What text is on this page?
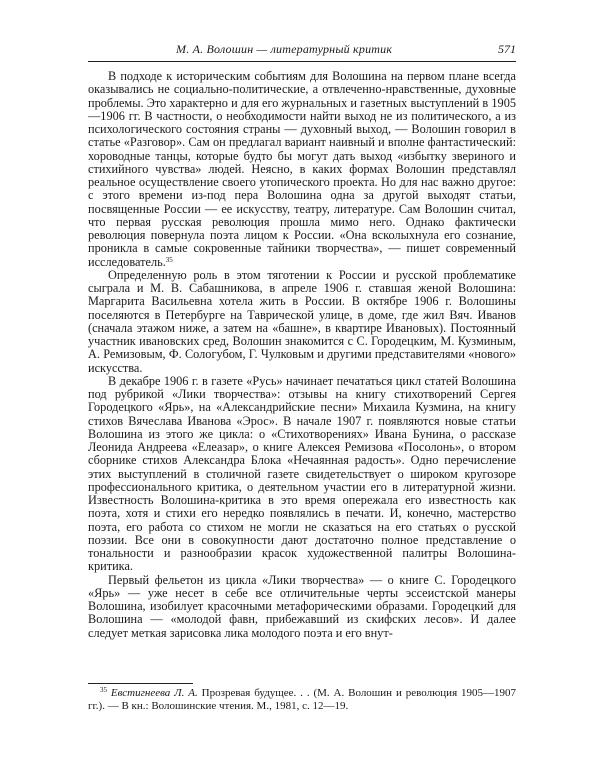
М. А. Волошин — литературный критик	571

В подходе к историческим событиям для Волошина на первом плане всегда оказывались не социально-политические, а отвлеченно-нравственные, духовные проблемы. Это характерно и для его журнальных и газетных выступлений в 1905—1906 гг. В частности, о необходимости найти выход не из политического, а из психологического состояния страны — духовный выход, — Волошин говорил в статье «Разговор». Сам он предлагал вариант наивный и вполне фантастический: хороводные танцы, которые будто бы могут дать выход «избытку звериного и стихийного чувства» людей. Неясно, в каких формах Волошин представлял реальное осуществление своего утопического проекта. Но для нас важно другое: с этого времени из-под пера Волошина одна за другой выходят статьи, посвященные России — ее искусству, театру, литературе. Сам Волошин считал, что первая русская революция прошла мимо него. Однако фактически революция повернула поэта лицом к России. «Она всколыхнула его сознание, проникла в самые сокровенные тайники творчества», — пишет современный исследователь.$^{35}$

Определенную роль в этом тяготении к России и русской проблематике сыграла и М. В. Сабашникова, в апреле 1906 г. ставшая женой Волошина: Маргарита Васильевна хотела жить в России. В октябре 1906 г. Волошины поселяются в Петербурге на Таврической улице, в доме, где жил Вяч. Иванов (сначала этажом ниже, а затем на «башне», в квартире Ивановых). Постоянный участник ивановских сред, Волошин знакомится с С. Городецким, М. Кузминым, А. Ремизовым, Ф. Сологубом, Г. Чулковым и другими представителями «нового» искусства.

В декабре 1906 г. в газете «Русь» начинает печататься цикл статей Волошина под рубрикой «Лики творчества»: отзывы на книгу стихотворений Сергея Городецкого «Ярь», на «Александрийские песни» Михаила Кузмина, на книгу стихов Вячеслава Иванова «Эрос». В начале 1907 г. появляются новые статьи Волошина из этого же цикла: о «Стихотворениях» Ивана Бунина, о рассказе Леонида Андреева «Елеазар», о книге Алексея Ремизова «Посолонь», о втором сборнике стихов Александра Блока «Нечаянная радость». Одно перечисление этих выступлений в столичной газете свидетельствует о широком кругозоре профессионального критика, о деятельном участии его в литературной жизни. Известность Волошина-критика в это время опережала его известность как поэта, хотя и стихи его нередко появлялись в печати. И, конечно, мастерство поэта, его работа со стихом не могли не сказаться на его статьях о русской поэзии. Все они в совокупности дают достаточно полное представление о тональности и разнообразии красок художественной палитры Волошина-критика.

Первый фельетон из цикла «Лики творчества» — о книге С. Городецкого «Ярь» — уже несет в себе все отличительные черты эссеистской манеры Волошина, изобилует красочными метафорическими образами. Городецкий для Волошина — «молодой фавн, прибежавший из скифских лесов». И далее следует меткая зарисовка лика молодого поэта и его внут-

$^{35}$ Евстигнеева Л. А. Прозревая будущее. . . (М. А. Волошин и революция 1905—1907 гг.). — В кн.: Волошинские чтения. М., 1981, с. 12—19.
